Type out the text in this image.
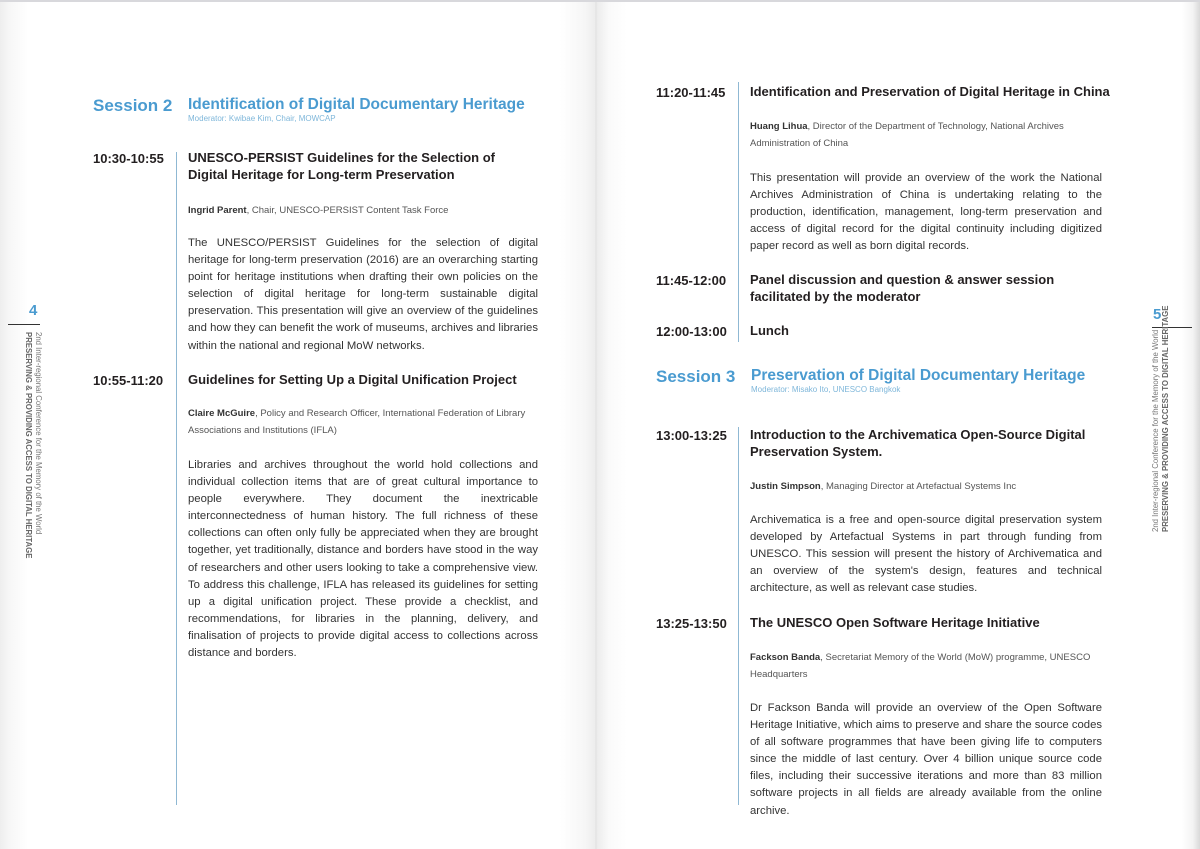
4
2nd Inter-regional Conference for the Memory of the World
PRESERVING & PROVIDING ACCESS TO DIGITAL HERITAGE
Session 2	Identification of Digital Documentary Heritage
Moderator: Kwibae Kim, Chair, MOWCAP
10:30-10:55 UNESCO-PERSIST Guidelines for the Selection of Digital Heritage for Long-term Preservation
Ingrid Parent, Chair, UNESCO-PERSIST Content Task Force
The UNESCO/PERSIST Guidelines for the selection of digital heritage for long-term preservation (2016) are an overarching starting point for heritage institutions when drafting their own policies on the selection of digital heritage for long-term sustainable digital preservation. This presentation will give an overview of the guidelines and how they can benefit the work of museums, archives and libraries within the national and regional MoW networks.
10:55-11:20 Guidelines for Setting Up a Digital Unification Project
Claire McGuire, Policy and Research Officer, International Federation of Library Associations and Institutions (IFLA)
Libraries and archives throughout the world hold collections and individual collection items that are of great cultural importance to people everywhere. They document the inextricable interconnectedness of human history. The full richness of these collections can often only fully be appreciated when they are brought together, yet traditionally, distance and borders have stood in the way of researchers and other users looking to take a comprehensive view. To address this challenge, IFLA has released its guidelines for setting up a digital unification project. These provide a checklist, and recommendations, for libraries in the planning, delivery, and finalisation of projects to provide digital access to collections across distance and borders.
5
2nd Inter-regional Conference for the Memory of the World PRESERVING & PROVIDING ACCESS TO DIGITAL HERITAGE
11:20-11:45 Identification and Preservation of Digital Heritage in China
Huang Lihua, Director of the Department of Technology, National Archives Administration of China
This presentation will provide an overview of the work the National Archives Administration of China is undertaking relating to the production, identification, management, long-term preservation and access of digital record for the digital continuity including digitized paper record as well as born digital records.
11:45-12:00 Panel discussion and question & answer session facilitated by the moderator
12:00-13:00 Lunch
Session 3	Preservation of Digital Documentary Heritage
Moderator: Misako Ito, UNESCO Bangkok
13:00-13:25 Introduction to the Archivematica Open-Source Digital Preservation System.
Justin Simpson, Managing Director at Artefactual Systems Inc
Archivematica is a free and open-source digital preservation system developed by Artefactual Systems in part through funding from UNESCO. This session will present the history of Archivematica and an overview of the system's design, features and technical architecture, as well as relevant case studies.
13:25-13:50 The UNESCO Open Software Heritage Initiative
Fackson Banda, Secretariat Memory of the World (MoW) programme, UNESCO Headquarters
Dr Fackson Banda will provide an overview of the Open Software Heritage Initiative, which aims to preserve and share the source codes of all software programmes that have been giving life to computers since the middle of last century. Over 4 billion unique source code files, including their successive iterations and more than 83 million software projects in all fields are already available from the online archive.
